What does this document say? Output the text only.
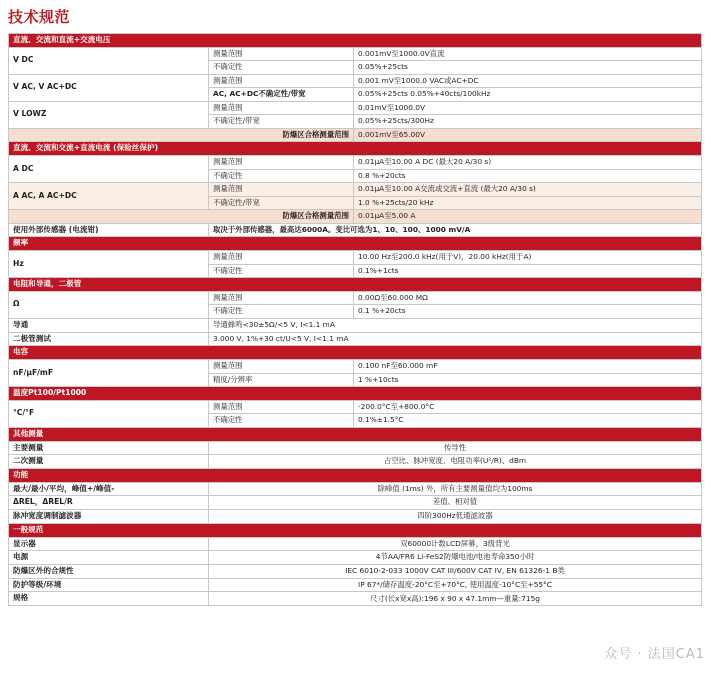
技术规范
直流、交流和直流+交流电压		
V DC	测量范围	0.001mV至1000.0V直流
	不确定性	0.05%+25cts
V AC, V AC+DC	测量范围	0.001 mV至1000.0 VAC或AC+DC
	AC, AC+DC不确定性/带宽	0.05%+25cts 0.05%+40cts/100kHz
V LOWZ	测量范围	0.01mV至1000.0V
	不确定性/带宽	0.05%+25cts/300Hz
防爆区合格测量范围		0.001mV至65.00V
直流、交流和交流+直流电流 (保险丝保护)		
A DC	测量范围	0.01μA至10.00 A DC (最大20 A/30 s)
	不确定性	0.8 %+20cts
A AC, A AC+DC	测量范围	0.01μA至10.00 A交流或交流+直流 (最大20 A/30 s)
	不确定性/带宽	1.0 %+25cts/20 kHz
防爆区合格测量范围		0.01μA至5.00 A
使用外部传感器 (电流钳)	取决于外部传感器，最高达6000A。变比可选为1、10、100、1000 mV/A	
频率		
Hz	测量范围	10.00 Hz至200.0 kHz(用于V)，20.00 kHz(用于A)
	不确定性	0.1%+1cts
电阻和导通，二极管		
Ω	测量范围	0.00Ω至60.000 MΩ
	不确定性	0.1 %+20cts
导通	导通蜂鸣<30±5Ω/<5 V, I<1.1 mA	
二极管测试	3.000 V, 1%+30 ct/U<5 V, I<1.1 mA	
电容		
nF/μF/mF	测量范围	0.100 nF至60.000 mF
	精度/分辨率	1 %+10cts
温度Pt100/Pt1000		
°C/°F	测量范围	-200.0°C至+800.0°C
	不确定性	0.1%±1.5°C
其他测量		
主要测量	传导性	
二次测量	占空比、脉冲宽度、电阻功率(U²/R)、dBm	
功能		
最大/最小/平均，峰值+/峰值-	除峰值 (1ms) 外，所有主要测量值均为100ms	
ΔREL，ΔREL/R	差值、相对值	
脉冲宽度调制滤波器	四阶300Hz低通滤波器	
一般规范		
显示器	双60000计数LCD屏幕，3级背光	
电源	4节AA/FR6 Li-FeS2防爆电池/电池寿命350小时	
防爆区外的合规性	IEC 6010-2-033 1000V CAT III/600V CAT IV, EN 61326-1 B类	
防护等级/环境	IP 67*/储存温度-20°C至+70°C, 使用温度-10°C至+55°C	
规格	尺寸(长x宽x高):196 x 90 x 47.1mm—重量:715g	
众号 · 法国CA1
